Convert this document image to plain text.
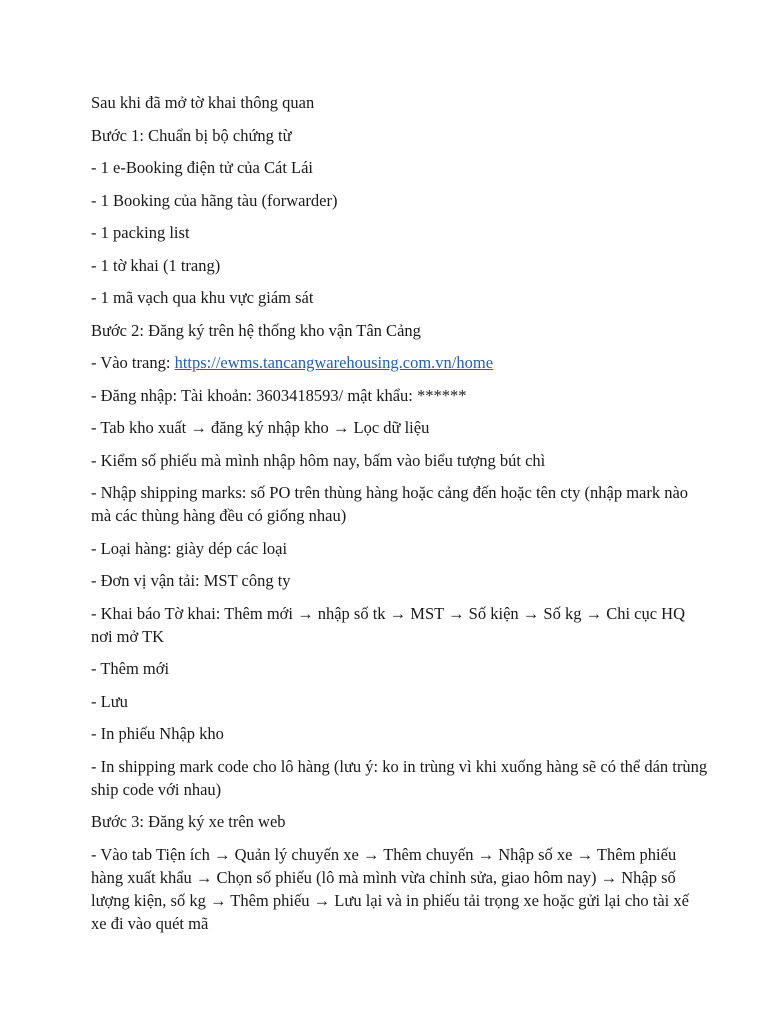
Sau khi đã mở tờ khai thông quan

Bước 1: Chuẩn bị bộ chứng từ

- 1 e-Booking điện tử của Cát Lái

- 1 Booking của hãng tàu (forwarder)

- 1 packing list

- 1 tờ khai (1 trang)

- 1 mã vạch qua khu vực giám sát

Bước 2: Đăng ký trên hệ thống kho vận Tân Cảng

- Vào trang: https://ewms.tancangwarehousing.com.vn/home

- Đăng nhập: Tài khoản: 3603418593/ mật khẩu: ******

- Tab kho xuất → đăng ký nhập kho → Lọc dữ liệu

- Kiểm số phiếu mà mình nhập hôm nay, bấm vào biểu tượng bút chì

- Nhập shipping marks: số PO trên thùng hàng hoặc cảng đến hoặc tên cty (nhập mark nào mà các thùng hàng đều có giống nhau)

- Loại hàng: giày dép các loại

- Đơn vị vận tải: MST công ty

- Khai báo Tờ khai: Thêm mới → nhập số tk → MST → Số kiện → Số kg → Chi cục HQ nơi mở TK

- Thêm mới

- Lưu

- In phiếu Nhập kho

- In shipping mark code cho lô hàng (lưu ý: ko in trùng vì khi xuống hàng sẽ có thể dán trùng ship code với nhau)

Bước 3: Đăng ký xe trên web

- Vào tab Tiện ích → Quản lý chuyến xe → Thêm chuyến → Nhập số xe → Thêm phiếu hàng xuất khẩu → Chọn số phiếu (lô mà mình vừa chỉnh sửa, giao hôm nay) → Nhập số lượng kiện, số kg → Thêm phiếu → Lưu lại và in phiếu tải trọng xe hoặc gửi lại cho tài xế xe đi vào quét mã
